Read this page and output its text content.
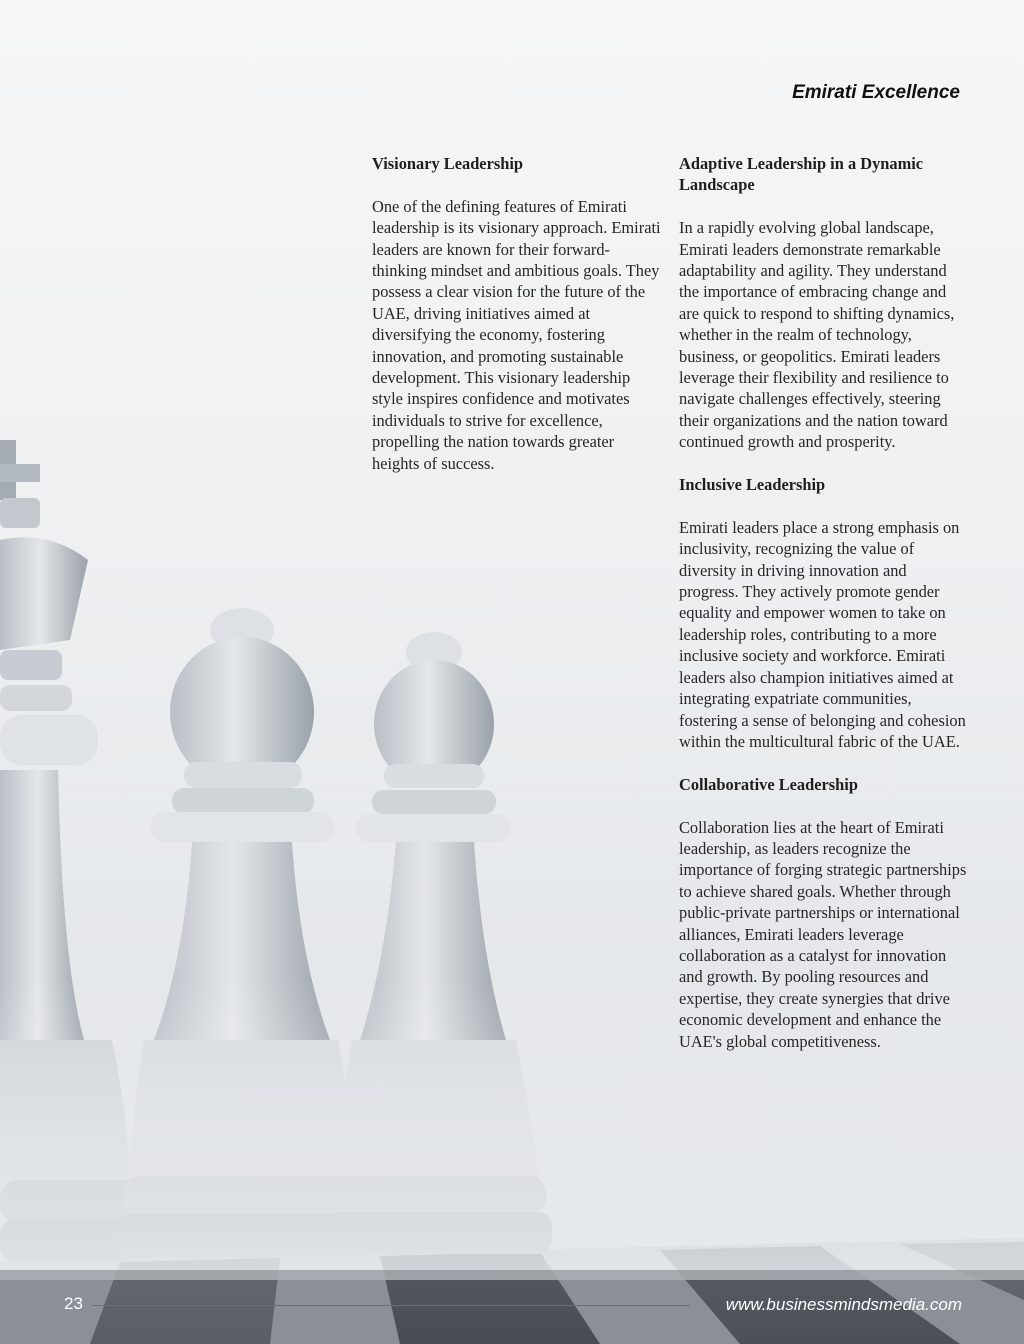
Emirati Excellence
Visionary Leadership

One of the defining features of Emirati leadership is its visionary approach. Emirati leaders are known for their forward-thinking mindset and ambitious goals. They possess a clear vision for the future of the UAE, driving initiatives aimed at diversifying the economy, fostering innovation, and promoting sustainable development. This visionary leadership style inspires confidence and motivates individuals to strive for excellence, propelling the nation towards greater heights of success.

Adaptive Leadership in a Dynamic Landscape

In a rapidly evolving global landscape, Emirati leaders demonstrate remarkable adaptability and agility. They understand the importance of embracing change and are quick to respond to shifting dynamics, whether in the realm of technology, business, or geopolitics. Emirati leaders leverage their flexibility and resilience to navigate challenges effectively, steering their organizations and the nation toward continued growth and prosperity.

Inclusive Leadership

Emirati leaders place a strong emphasis on inclusivity, recognizing the value of diversity in driving innovation and progress. They actively promote gender equality and empower women to take on leadership roles, contributing to a more inclusive society and workforce. Emirati leaders also champion initiatives aimed at integrating expatriate communities, fostering a sense of belonging and cohesion within the multicultural fabric of the UAE.

Collaborative Leadership

Collaboration lies at the heart of Emirati leadership, as leaders recognize the importance of forging strategic partnerships to achieve shared goals. Whether through public-private partnerships or international alliances, Emirati leaders leverage collaboration as a catalyst for innovation and growth. By pooling resources and expertise, they create synergies that drive economic development and enhance the UAE's global competitiveness.

23	www.businessmindsmedia.com
